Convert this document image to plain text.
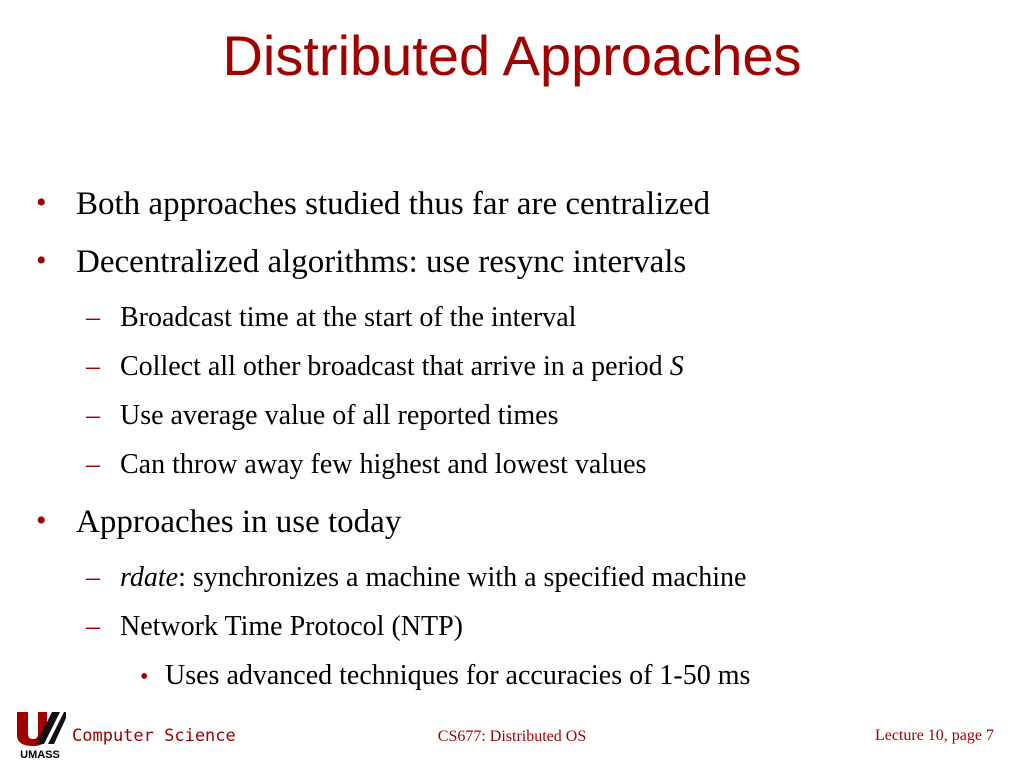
Distributed Approaches
• Both approaches studied thus far are centralized
• Decentralized algorithms: use resync intervals
– Broadcast time at the start of the interval
– Collect all other broadcast that arrive in a period S
– Use average value of all reported times
– Can throw away few highest and lowest values
• Approaches in use today
– rdate: synchronizes a machine with a specified machine
– Network Time Protocol (NTP)
• Uses advanced techniques for accuracies of 1-50 ms
UMASS
Computer Science	CS677: Distributed OS	Lecture 10, page 7
